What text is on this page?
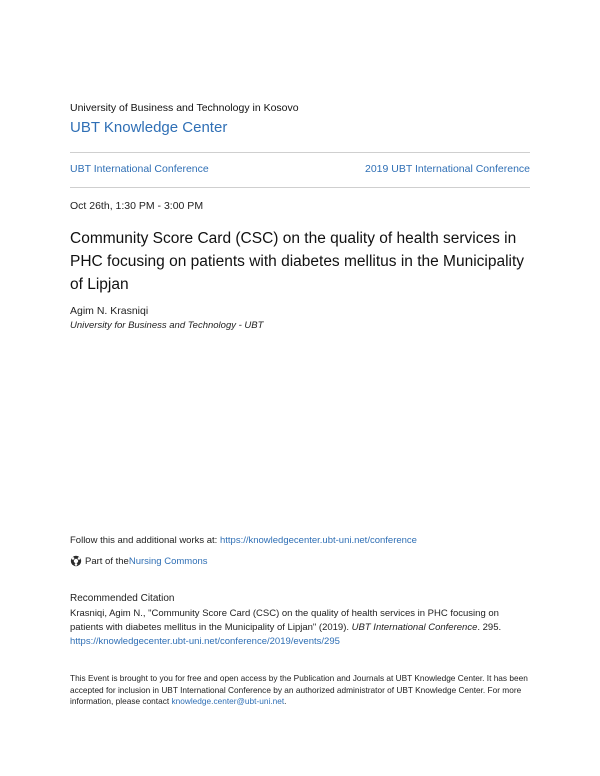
University of Business and Technology in Kosovo
UBT Knowledge Center
UBT International Conference	2019 UBT International Conference
Oct 26th, 1:30 PM - 3:00 PM
Community Score Card (CSC) on the quality of health services in PHC focusing on patients with diabetes mellitus in the Municipality of Lipjan
Agim N. Krasniqi
University for Business and Technology - UBT
Follow this and additional works at: https://knowledgecenter.ubt-uni.net/conference
Part of the Nursing Commons
Recommended Citation

Krasniqi, Agim N., "Community Score Card (CSC) on the quality of health services in PHC focusing on patients with diabetes mellitus in the Municipality of Lipjan" (2019). UBT International Conference. 295.
https://knowledgecenter.ubt-uni.net/conference/2019/events/295

This Event is brought to you for free and open access by the Publication and Journals at UBT Knowledge Center. It has been accepted for inclusion in UBT International Conference by an authorized administrator of UBT Knowledge Center. For more information, please contact knowledge.center@ubt-uni.net.
